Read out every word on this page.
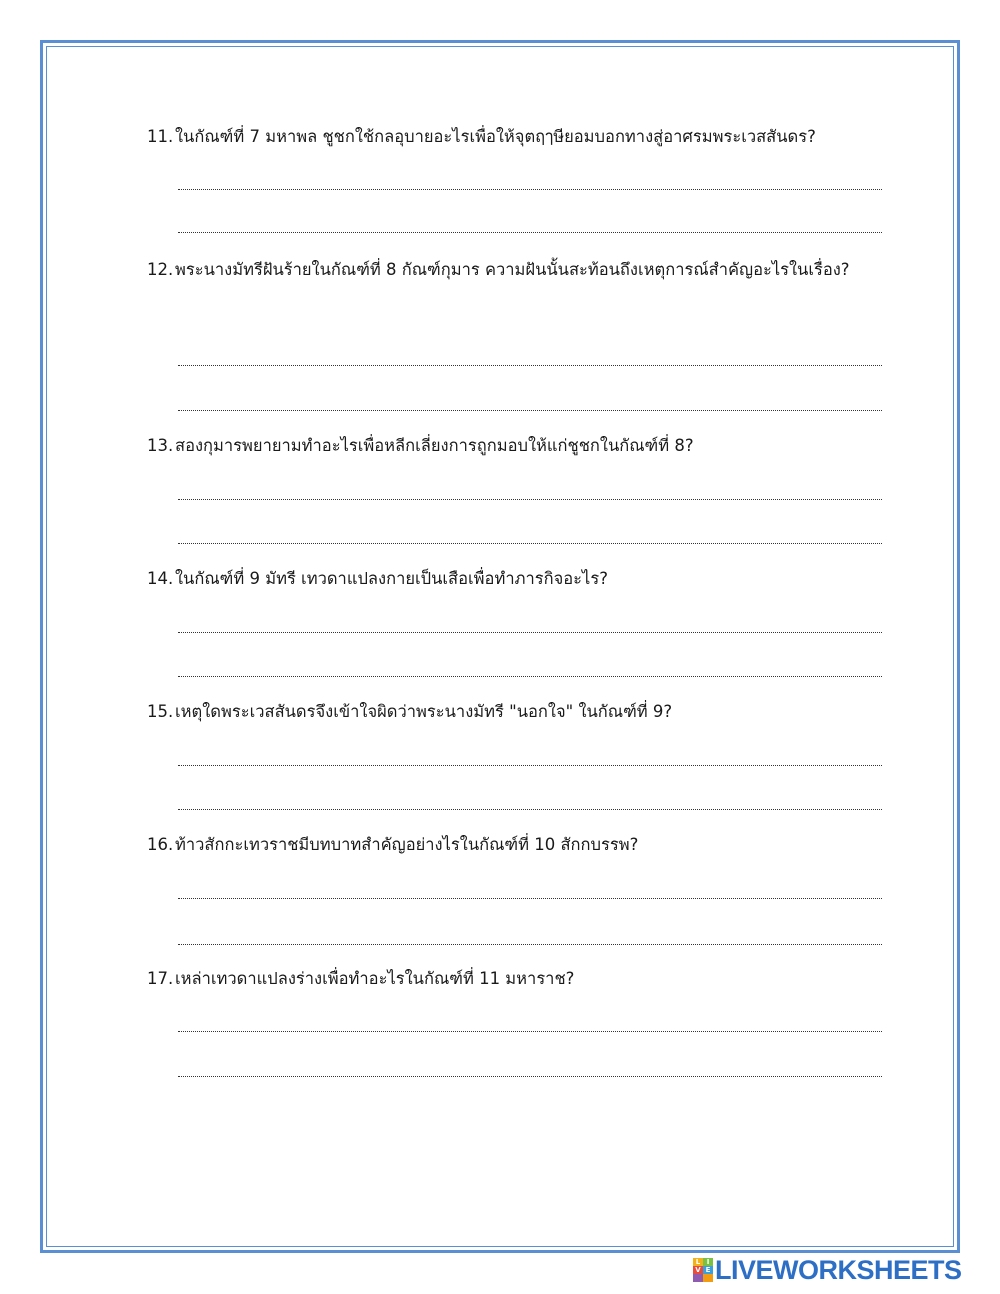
11. ในกัณฑ์ที่ 7 มหาพล ชูชกใช้กลอุบายอะไรเพื่อให้จุตฤๅษียอมบอกทางสู่อาศรมพระเวสสันดร?
12. พระนางมัทรีฝันร้ายในกัณฑ์ที่ 8 กัณฑ์กุมาร ความฝันนั้นสะท้อนถึงเหตุการณ์สำคัญอะไรในเรื่อง?
13. สองกุมารพยายามทำอะไรเพื่อหลีกเลี่ยงการถูกมอบให้แก่ชูชกในกัณฑ์ที่ 8?
14. ในกัณฑ์ที่ 9 มัทรี เทวดาแปลงกายเป็นเสือเพื่อทำภารกิจอะไร?
15. เหตุใดพระเวสสันดรจึงเข้าใจผิดว่าพระนางมัทรี "นอกใจ" ในกัณฑ์ที่ 9?
16. ท้าวสักกะเทวราชมีบทบาทสำคัญอย่างไรในกัณฑ์ที่ 10 สักกบรรพ?
17. เหล่าเทวดาแปลงร่างเพื่อทำอะไรในกัณฑ์ที่ 11 มหาราช?
L I
V E LIVEWORKSHEETS
